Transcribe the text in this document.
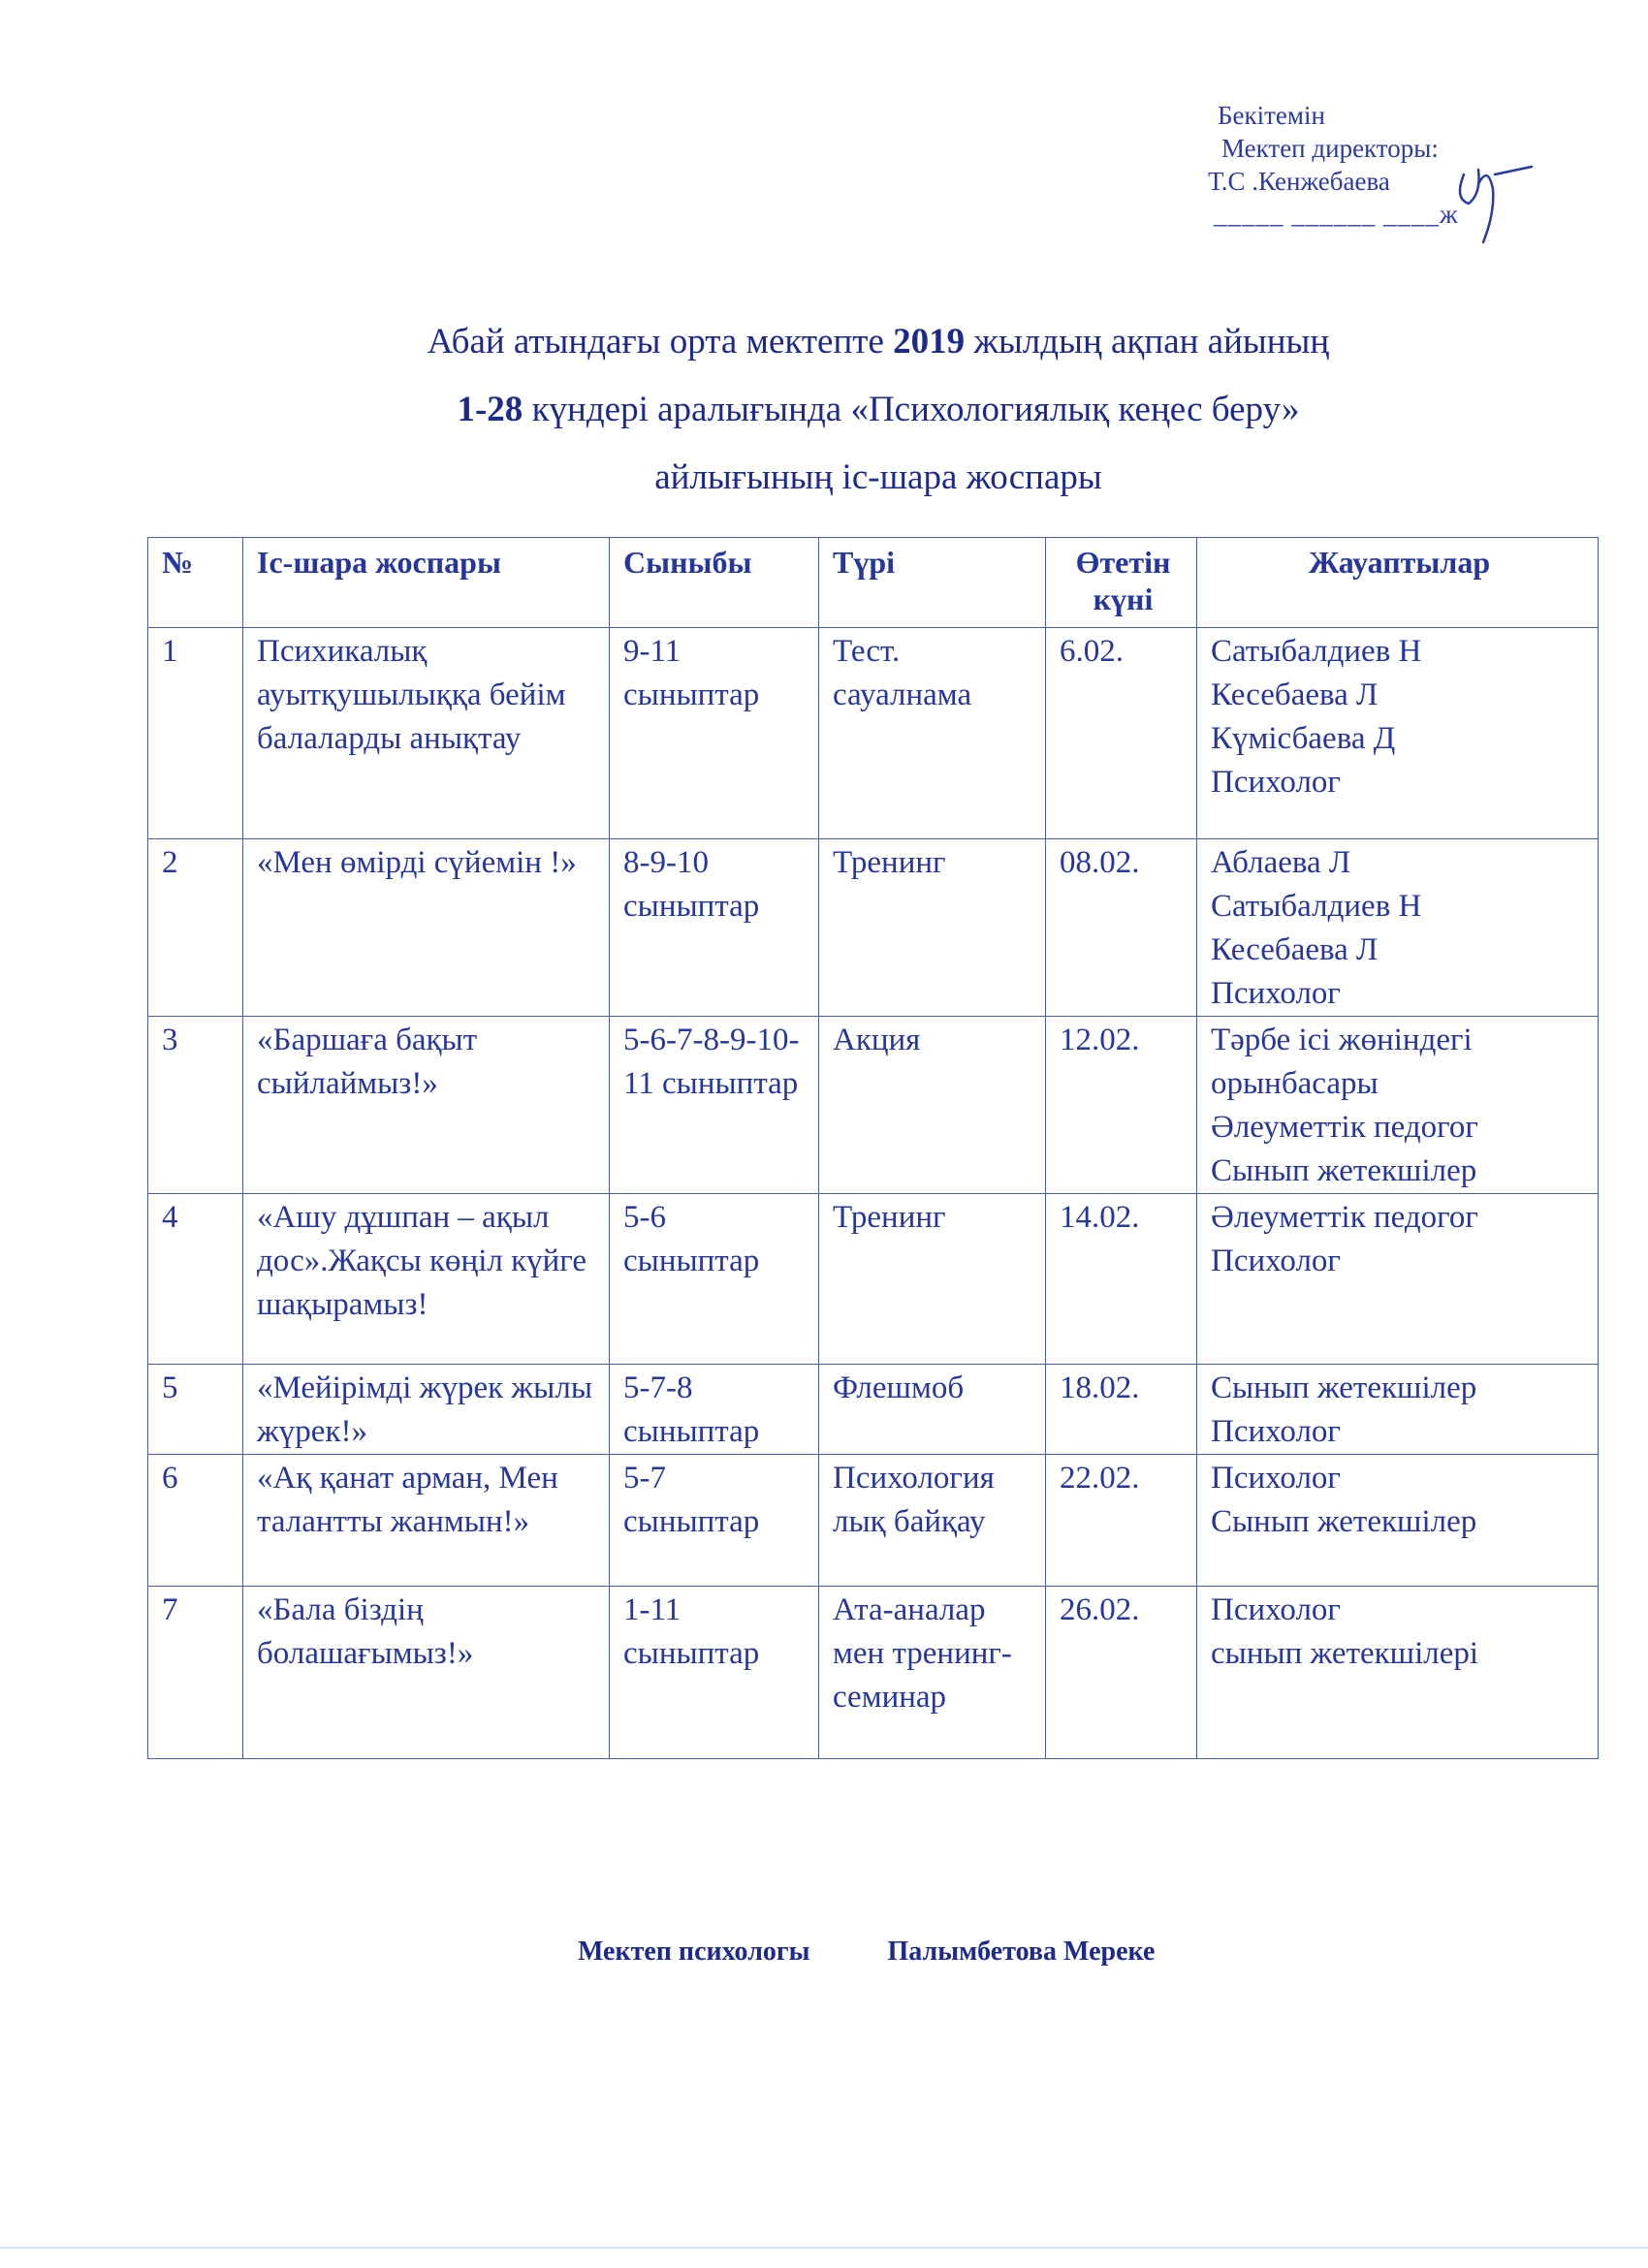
Бекітемін
Мектеп директоры:
Т.С .Кенжебаева
_____ ______ ____ж
Абай атындағы орта мектепте 2019 жылдың ақпан айының
1-28 күндері аралығында «Психологиялық кеңес беру»
айлығының іс-шара жоспары
№	Іс-шара жоспары	Сыныбы	Түрі	Өтетін күні	Жауаптылар
1	Психикалық ауытқушылыққа бейім балаларды анықтау	9-11 сыныптар	Тест. сауалнама	6.02.	Сатыбалдиев Н
Кесебаева Л
Күмісбаева Д
Психолог

2	«Мен өмірді сүйемін !»	8-9-10 сыныптар	Тренинг	08.02.	Аблаева Л
Сатыбалдиев Н
Кесебаева Л
Психолог

3	«Баршаға бақыт сыйлаймыз!»	5-6-7-8-9-10-11 сыныптар	Акция	12.02.	Тәрбе ісі жөніндегі
орынбасары
Әлеуметтік педогог
Сынып жетекшілер

4	«Ашу дұшпан – ақыл дос».Жақсы көңіл күйге шақырамыз!	5-6 сыныптар	Тренинг	14.02.	Әлеуметтік педогог
Психолог

5	«Мейірімді жүрек жылы жүрек!»	5-7-8 сыныптар	Флешмоб	18.02.	Сынып жетекшілер
Психолог

6	«Ақ қанат арман, Мен талантты жанмын!»	5-7 сыныптар	Психология лық байқау	22.02.	Психолог
Сынып жетекшілер

7	«Бала біздің болашағымыз!»	1-11 сыныптар	Ата-аналар мен тренинг-семинар	26.02.	Психолог
сынып жетекшілері
Мектеп психологы	Палымбетова Мереке
